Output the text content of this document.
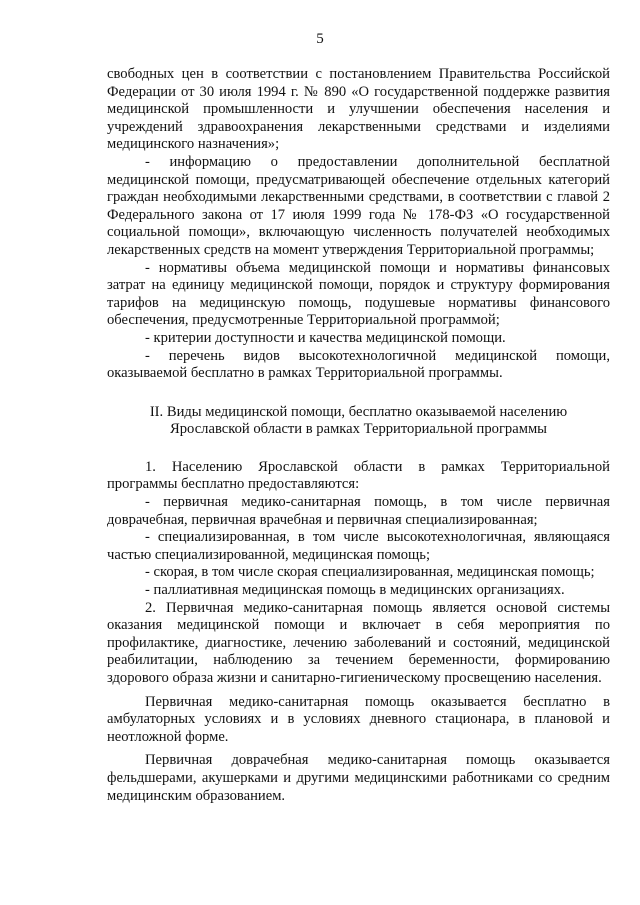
5

свободных цен в соответствии с постановлением Правительства Российской Федерации от 30 июля 1994 г. № 890 «О государственной поддержке развития медицинской промышленности и улучшении обеспечения населения и учреждений здравоохранения лекарственными средствами и изделиями медицинского назначения»;

- информацию о предоставлении дополнительной бесплатной медицинской помощи, предусматривающей обеспечение отдельных категорий граждан необходимыми лекарственными средствами, в соответствии с главой 2 Федерального закона от 17 июля 1999 года № 178-ФЗ «О государственной социальной помощи», включающую численность получателей необходимых лекарственных средств на момент утверждения Территориальной программы;

- нормативы объема медицинской помощи и нормативы финансовых затрат на единицу медицинской помощи, порядок и структуру формирования тарифов на медицинскую помощь, подушевые нормативы финансового обеспечения, предусмотренные Территориальной программой;

- критерии доступности и качества медицинской помощи.

- перечень видов высокотехнологичной медицинской помощи, оказываемой бесплатно в рамках Территориальной программы.

II. Виды медицинской помощи, бесплатно оказываемой населению
Ярославской области в рамках Территориальной программы

1. Населению Ярославской области в рамках Территориальной программы бесплатно предоставляются:

- первичная медико-санитарная помощь, в том числе первичная доврачебная, первичная врачебная и первичная специализированная;

- специализированная, в том числе высокотехнологичная, являющаяся частью специализированной, медицинская помощь;

- скорая, в том числе скорая специализированная, медицинская помощь;

- паллиативная медицинская помощь в медицинских организациях.

2. Первичная медико-санитарная помощь является основой системы оказания медицинской помощи и включает в себя мероприятия по профилактике, диагностике, лечению заболеваний и состояний, медицинской реабилитации, наблюдению за течением беременности, формированию здорового образа жизни и санитарно-гигиеническому просвещению населения.

Первичная медико-санитарная помощь оказывается бесплатно в амбулаторных условиях и в условиях дневного стационара, в плановой и неотложной форме.

Первичная доврачебная медико-санитарная помощь оказывается фельдшерами, акушерками и другими медицинскими работниками со средним медицинским образованием.
